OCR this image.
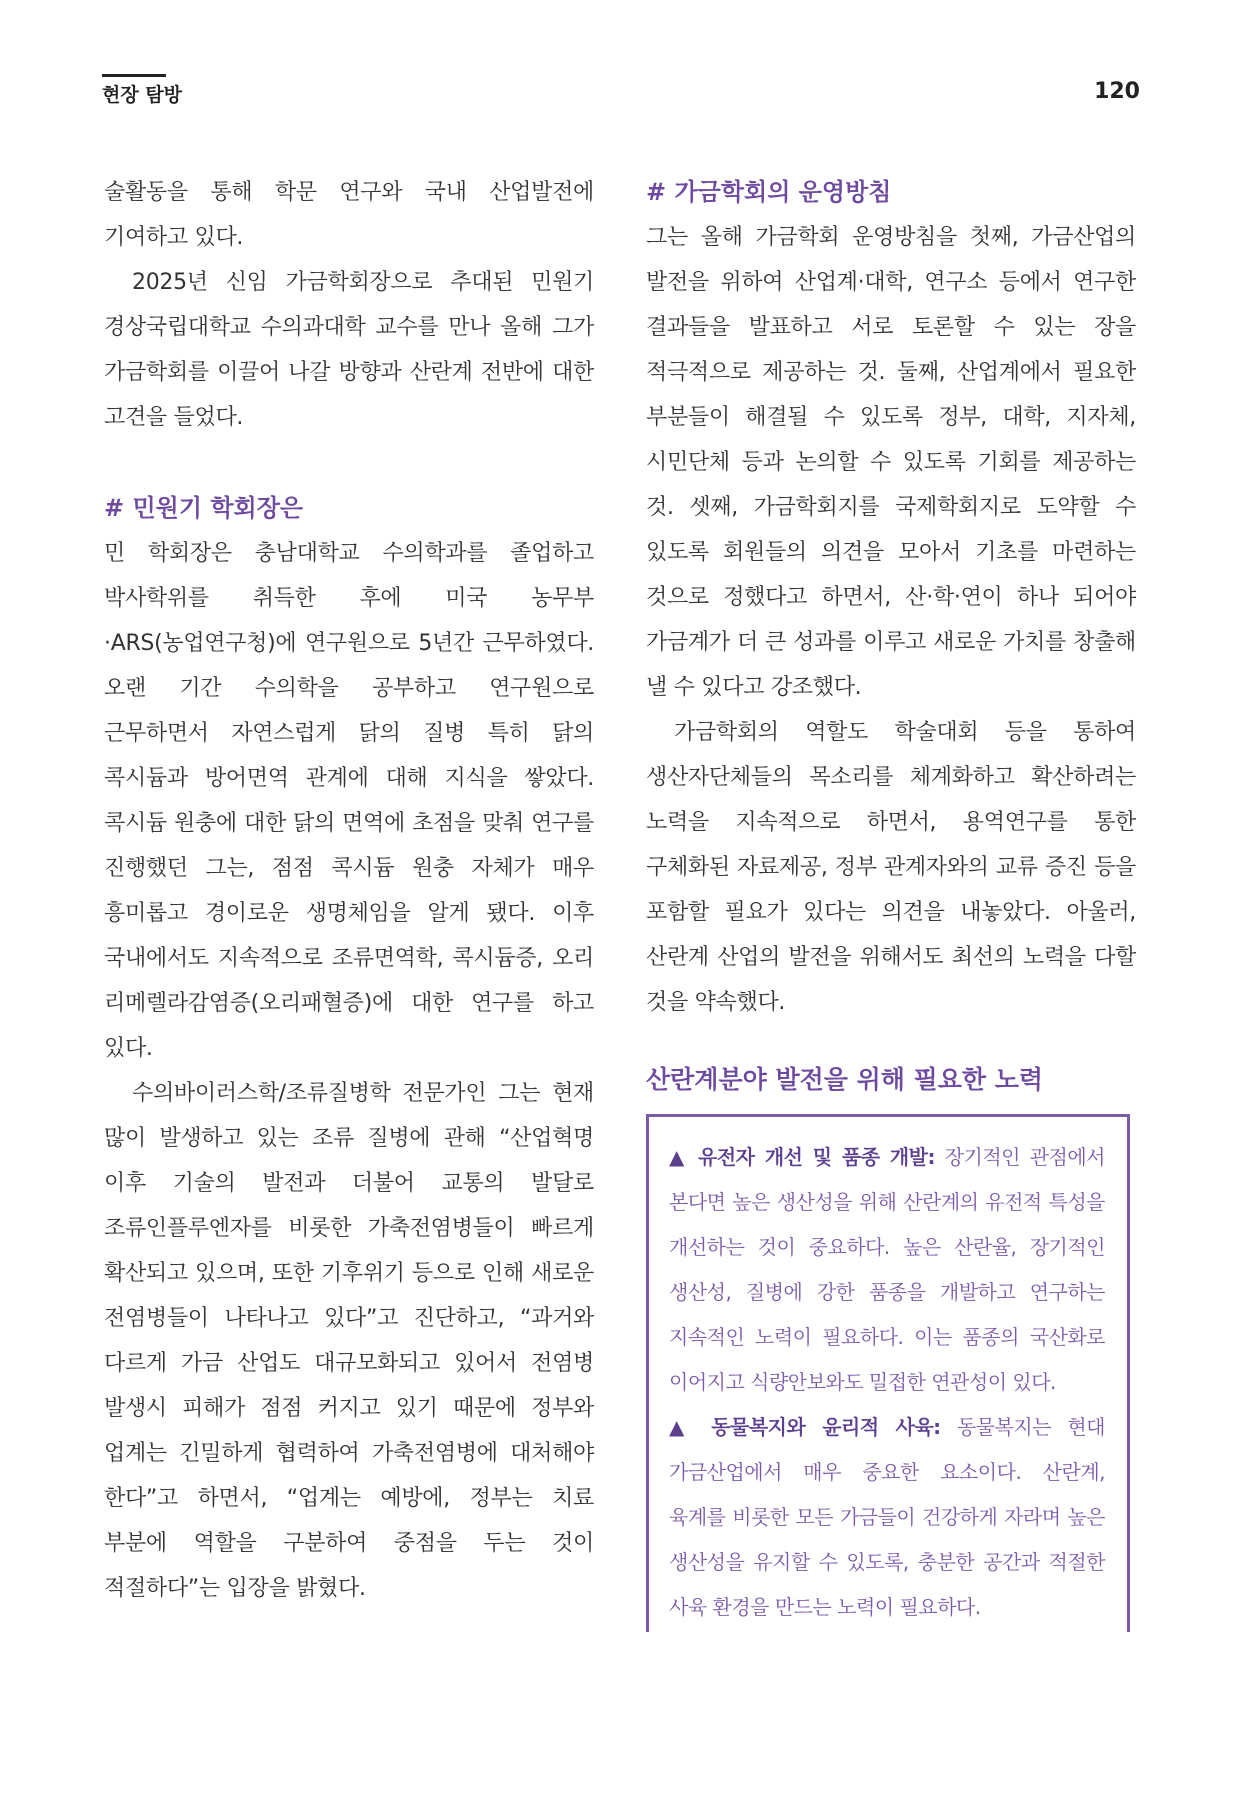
현장 탐방	120

술활동을 통해 학문 연구와 국내 산업발전에 기여하고 있다.

2025년 신임 가금학회장으로 추대된 민원기 경상국립대학교 수의과대학 교수를 만나 올해 그가 가금학회를 이끌어 나갈 방향과 산란계 전반에 대한 고견을 들었다.

# 민원기 학회장은

민 학회장은 충남대학교 수의학과를 졸업하고 박사학위를 취득한 후에 미국 농무부·ARS(농업연구청)에 연구원으로 5년간 근무하였다. 오랜 기간 수의학을 공부하고 연구원으로 근무하면서 자연스럽게 닭의 질병 특히 닭의 콕시듐과 방어면역 관계에 대해 지식을 쌓았다. 콕시듐 원충에 대한 닭의 면역에 초점을 맞춰 연구를 진행했던 그는, 점점 콕시듐 원충 자체가 매우 흥미롭고 경이로운 생명체임을 알게 됐다. 이후 국내에서도 지속적으로 조류면역학, 콕시듐증, 오리 리메렐라감염증(오리패혈증)에 대한 연구를 하고 있다.

수의바이러스학/조류질병학 전문가인 그는 현재 많이 발생하고 있는 조류 질병에 관해 “산업혁명 이후 기술의 발전과 더불어 교통의 발달로 조류인플루엔자를 비롯한 가축전염병들이 빠르게 확산되고 있으며, 또한 기후위기 등으로 인해 새로운 전염병들이 나타나고 있다”고 진단하고, “과거와 다르게 가금 산업도 대규모화되고 있어서 전염병 발생시 피해가 점점 커지고 있기 때문에 정부와 업계는 긴밀하게 협력하여 가축전염병에 대처해야 한다”고 하면서, “업계는 예방에, 정부는 치료 부분에 역할을 구분하여 중점을 두는 것이 적절하다”는 입장을 밝혔다.

# 가금학회의 운영방침

그는 올해 가금학회 운영방침을 첫째, 가금산업의 발전을 위하여 산업계·대학, 연구소 등에서 연구한 결과들을 발표하고 서로 토론할 수 있는 장을 적극적으로 제공하는 것. 둘째, 산업계에서 필요한 부분들이 해결될 수 있도록 정부, 대학, 지자체, 시민단체 등과 논의할 수 있도록 기회를 제공하는 것. 셋째, 가금학회지를 국제학회지로 도약할 수 있도록 회원들의 의견을 모아서 기초를 마련하는 것으로 정했다고 하면서, 산·학·연이 하나 되어야 가금계가 더 큰 성과를 이루고 새로운 가치를 창출해 낼 수 있다고 강조했다.

가금학회의 역할도 학술대회 등을 통하여 생산자단체들의 목소리를 체계화하고 확산하려는 노력을 지속적으로 하면서, 용역연구를 통한 구체화된 자료제공, 정부 관계자와의 교류 증진 등을 포함할 필요가 있다는 의견을 내놓았다. 아울러, 산란계 산업의 발전을 위해서도 최선의 노력을 다할 것을 약속했다.

산란계분야 발전을 위해 필요한 노력

▲ 유전자 개선 및 품종 개발: 장기적인 관점에서 본다면 높은 생산성을 위해 산란계의 유전적 특성을 개선하는 것이 중요하다. 높은 산란율, 장기적인 생산성, 질병에 강한 품종을 개발하고 연구하는 지속적인 노력이 필요하다. 이는 품종의 국산화로 이어지고 식량안보와도 밀접한 연관성이 있다.

▲ 동물복지와 윤리적 사육: 동물복지는 현대 가금산업에서 매우 중요한 요소이다. 산란계, 육계를 비롯한 모든 가금들이 건강하게 자라며 높은 생산성을 유지할 수 있도록, 충분한 공간과 적절한 사육 환경을 만드는 노력이 필요하다.
